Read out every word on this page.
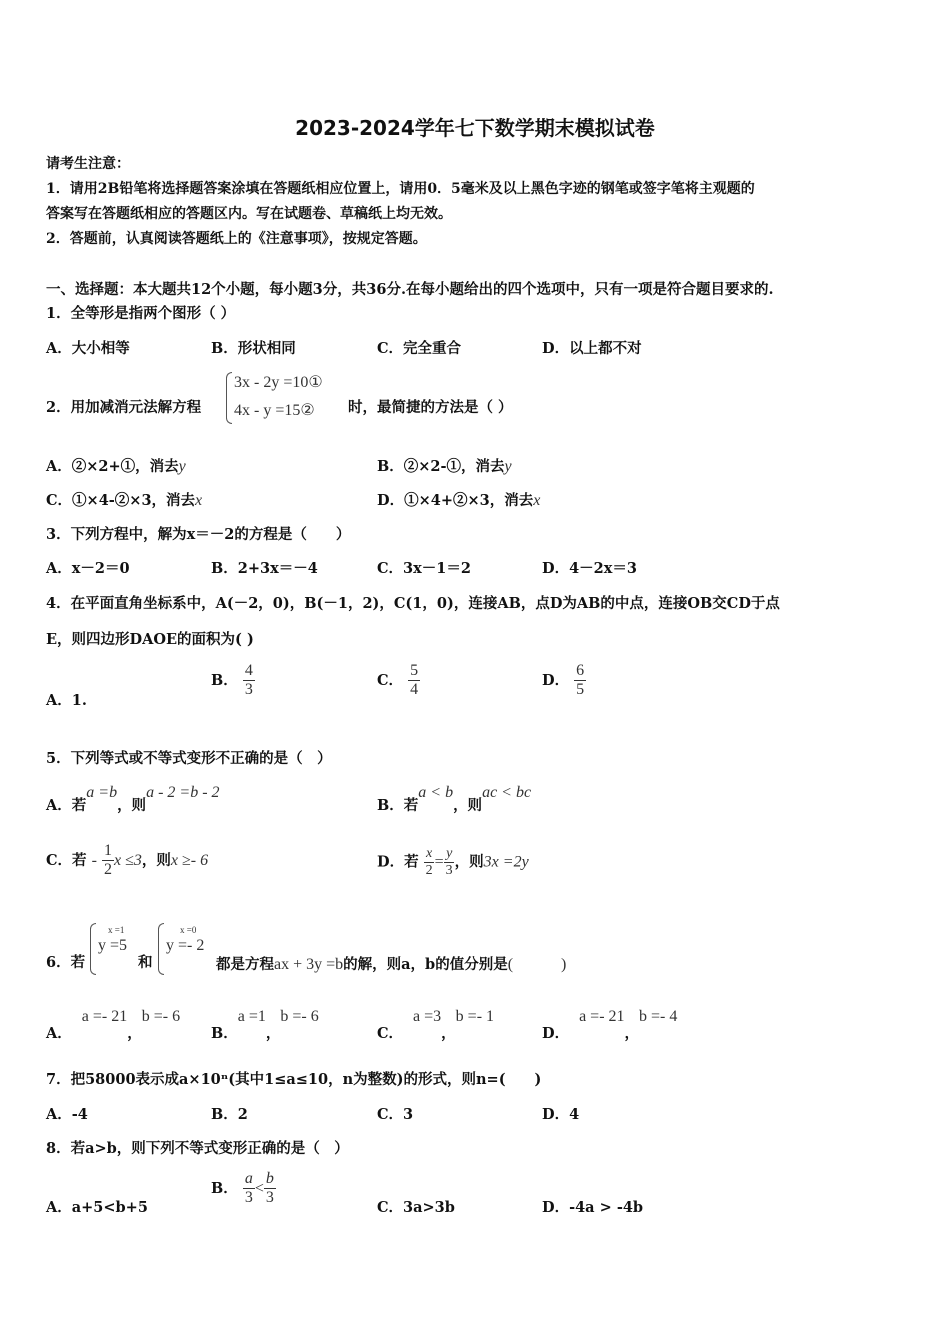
2023-2024学年七下数学期末模拟试卷
请考生注意：
1．请用2B铅笔将选择题答案涂填在答题纸相应位置上，请用0．5毫米及以上黑色字迹的钢笔或签字笔将主观题的
答案写在答题纸相应的答题区内。写在试题卷、草稿纸上均无效。
2．答题前，认真阅读答题纸上的《注意事项》，按规定答题。
一、选择题：本大题共12个小题，每小题3分，共36分.在每小题给出的四个选项中，只有一项是符合题目要求的.
1．全等形是指两个图形（ ）
A．大小相等	B．形状相同	C．完全重合	D．以上都不对
2．用加减消元法解方程
3x - 2y =10①
4x - y =15② 时，最简捷的方法是（ ）
A．②×2+①，消去y	B．②×2-①，消去y
C．①×4-②×3，消去x	D．①×4+②×3，消去x
3．下列方程中，解为x＝－2的方程是（　　）
A．x－2＝0	B．2+3x＝－4	C．3x－1＝2	D．4－2x＝3
4．在平面直角坐标系中，A(－2，0)，B(－1，2)，C(1，0)，连接AB，点D为AB的中点，连接OB交CD于点
E，则四边形DAOE的面积为( )
A．1.
B． $\frac{4}{3}$	C． $\frac{5}{4}$	D． $\frac{6}{5}$
5．下列等式或不等式变形不正确的是（　）
A．若a =b，则a - 2 =b - 2
B．若a < b，则ac < bc
C．若 - $\frac{1}{2}$ x ≤3，则x ≥- 6	D．若 $\frac{x}{2} = \frac{y}{3}$ ，则3x =2y
6．若
x =1
y =5
和
x =0
y =- 2
都是方程ax + 3y =b的解，则a，b的值分别是(　　　)
A．a =- 21，b =- 6
B．a =1，b =- 6
C．a =3，b =- 1
D．a =- 21，b =- 4
7．把58000表示成a×10ⁿ(其中1≤a≤10，n为整数)的形式，则n=(　　)
A．-4	B．2	C．3	D．4
8．若a>b，则下列不等式变形正确的是（　）
A．a+5<b+5
B． $\frac{a}{3} < \frac{b}{3}$	C．3a>3b	D．-4a > -4b
